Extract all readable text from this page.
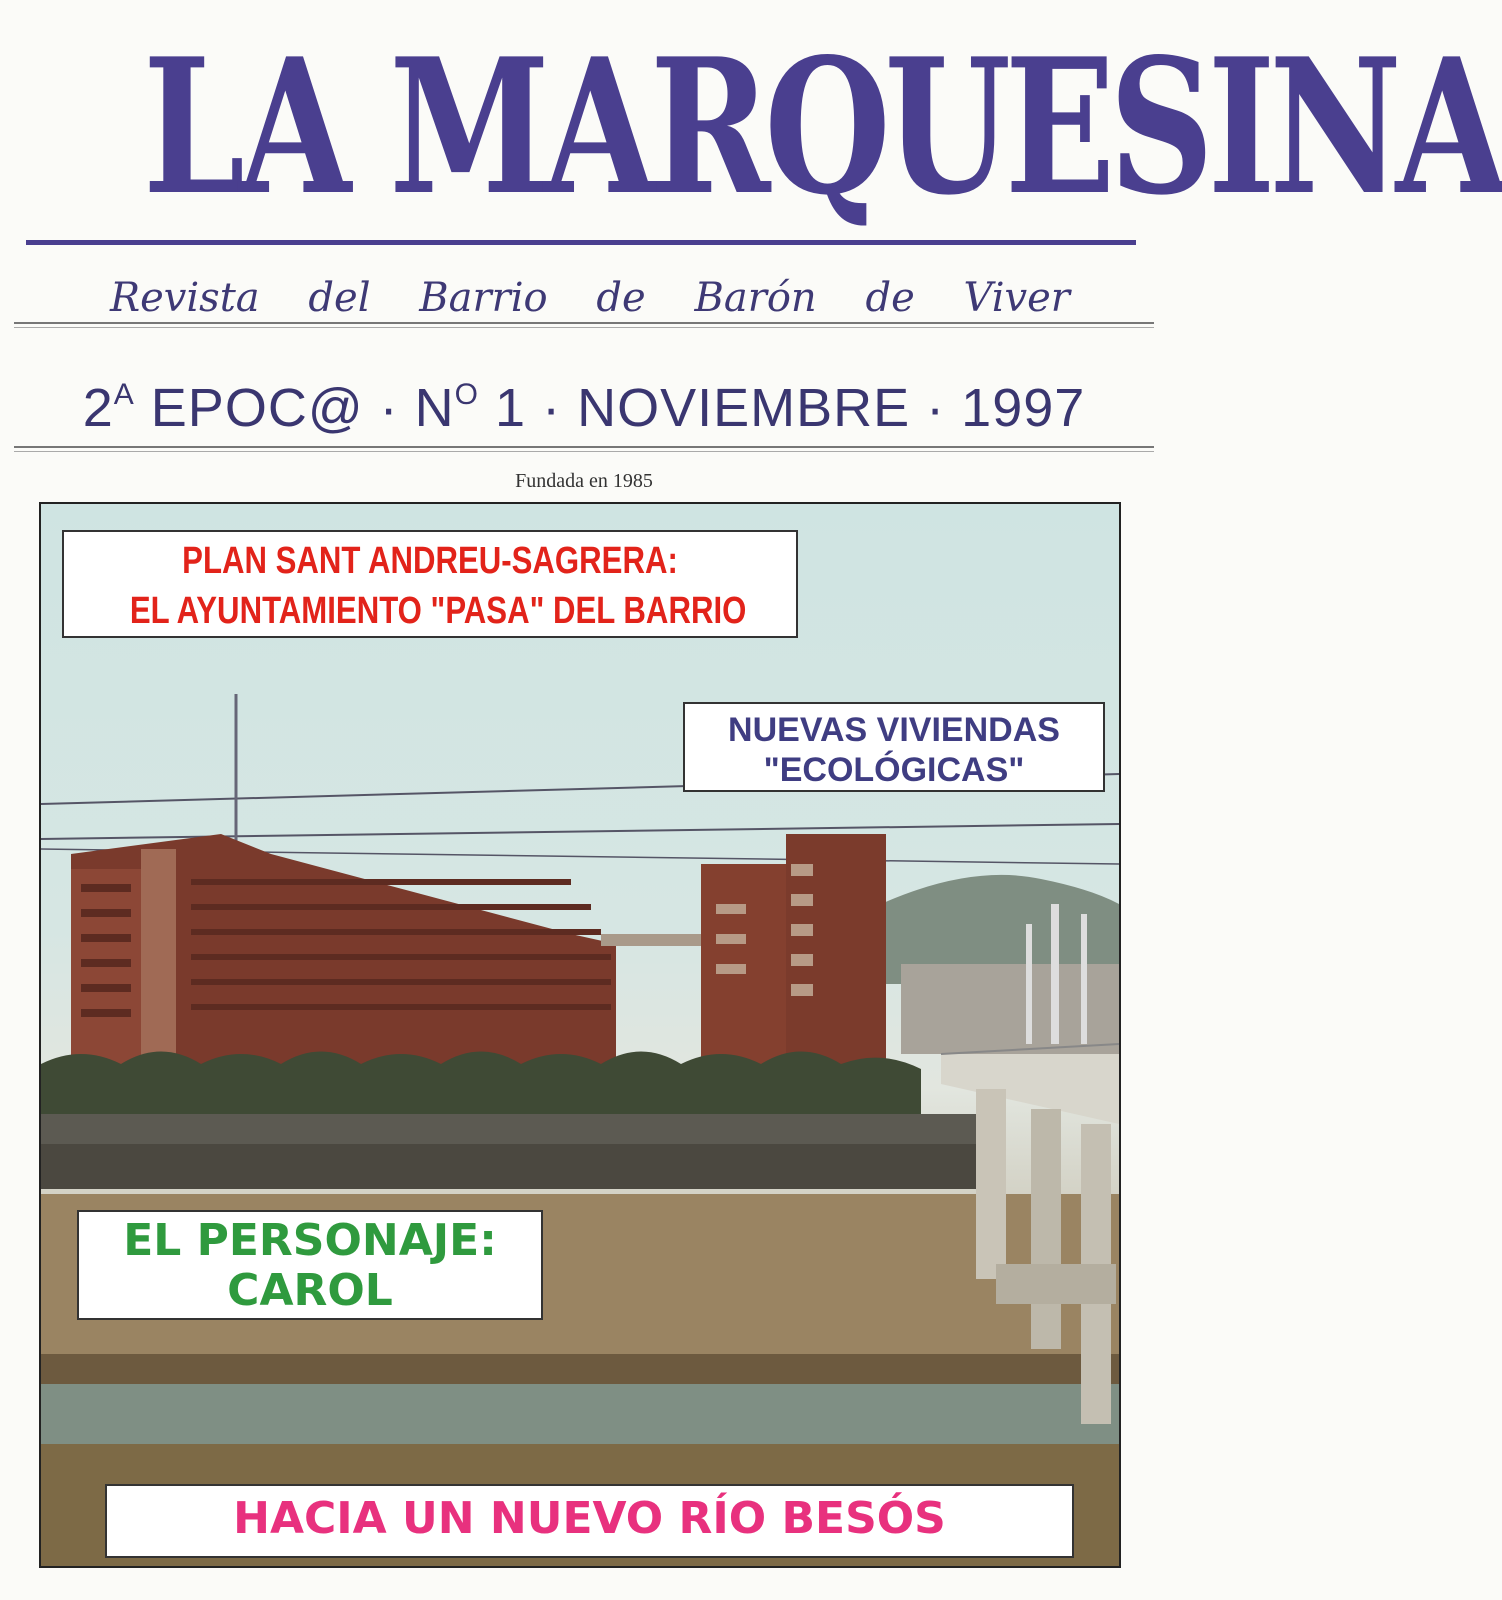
LA MARQUESINA
Revista del Barrio de Barón de Viver
$2^A$ EPOC@ · $N^O$ 1 · NOVIEMBRE · 1997
Fundada en 1985
PLAN SANT ANDREU-SAGRERA:
EL AYUNTAMIENTO "PASA" DEL BARRIO
NUEVAS VIVIENDAS
"ECOLÓGICAS"
EL PERSONAJE:
CAROL
HACIA UN NUEVO RÍO BESÓS
